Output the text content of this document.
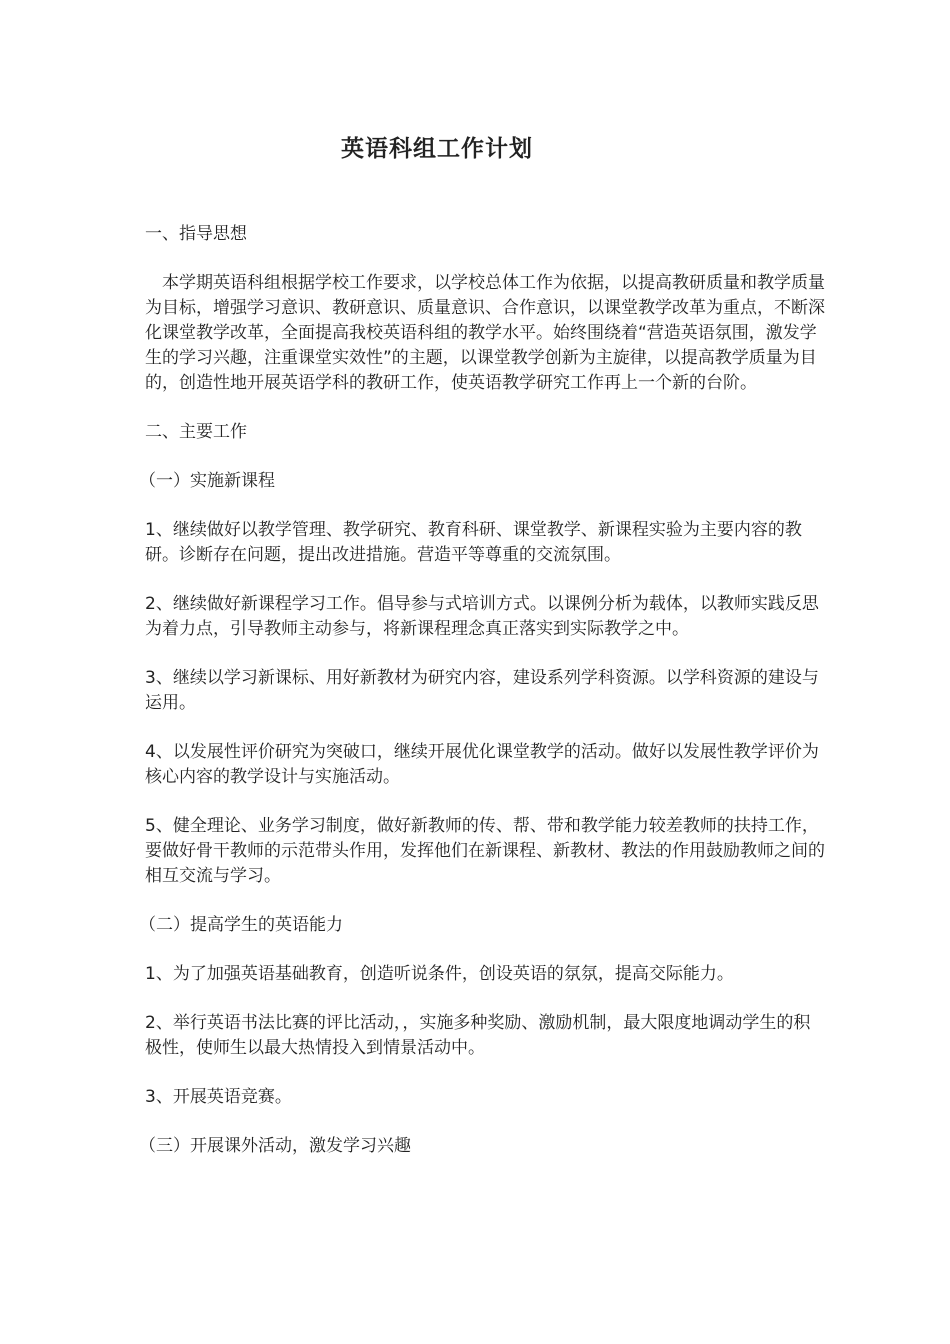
英语科组工作计划

一、指导思想

本学期英语科组根据学校工作要求，以学校总体工作为依据，以提高教研质量和教学质量为目标，增强学习意识、教研意识、质量意识、合作意识，以课堂教学改革为重点，不断深化课堂教学改革，全面提高我校英语科组的教学水平。始终围绕着“营造英语氛围，激发学生的学习兴趣，注重课堂实效性”的主题，以课堂教学创新为主旋律，以提高教学质量为目的，创造性地开展英语学科的教研工作，使英语教学研究工作再上一个新的台阶。

二、主要工作

（一）实施新课程

1、继续做好以教学管理、教学研究、教育科研、课堂教学、新课程实验为主要内容的教研。诊断存在问题，提出改进措施。营造平等尊重的交流氛围。

2、继续做好新课程学习工作。倡导参与式培训方式。以课例分析为载体，以教师实践反思为着力点，引导教师主动参与，将新课程理念真正落实到实际教学之中。

3、继续以学习新课标、用好新教材为研究内容，建设系列学科资源。以学科资源的建设与运用。

4、以发展性评价研究为突破口，继续开展优化课堂教学的活动。做好以发展性教学评价为核心内容的教学设计与实施活动。

5、健全理论、业务学习制度，做好新教师的传、帮、带和教学能力较差教师的扶持工作，要做好骨干教师的示范带头作用，发挥他们在新课程、新教材、教法的作用鼓励教师之间的相互交流与学习。

（二）提高学生的英语能力

1、为了加强英语基础教育，创造听说条件，创设英语的氛氛，提高交际能力。

2、举行英语书法比赛的评比活动，，实施多种奖励、激励机制，最大限度地调动学生的积极性，使师生以最大热情投入到情景活动中。

3、开展英语竞赛。

（三）开展课外活动，激发学习兴趣
